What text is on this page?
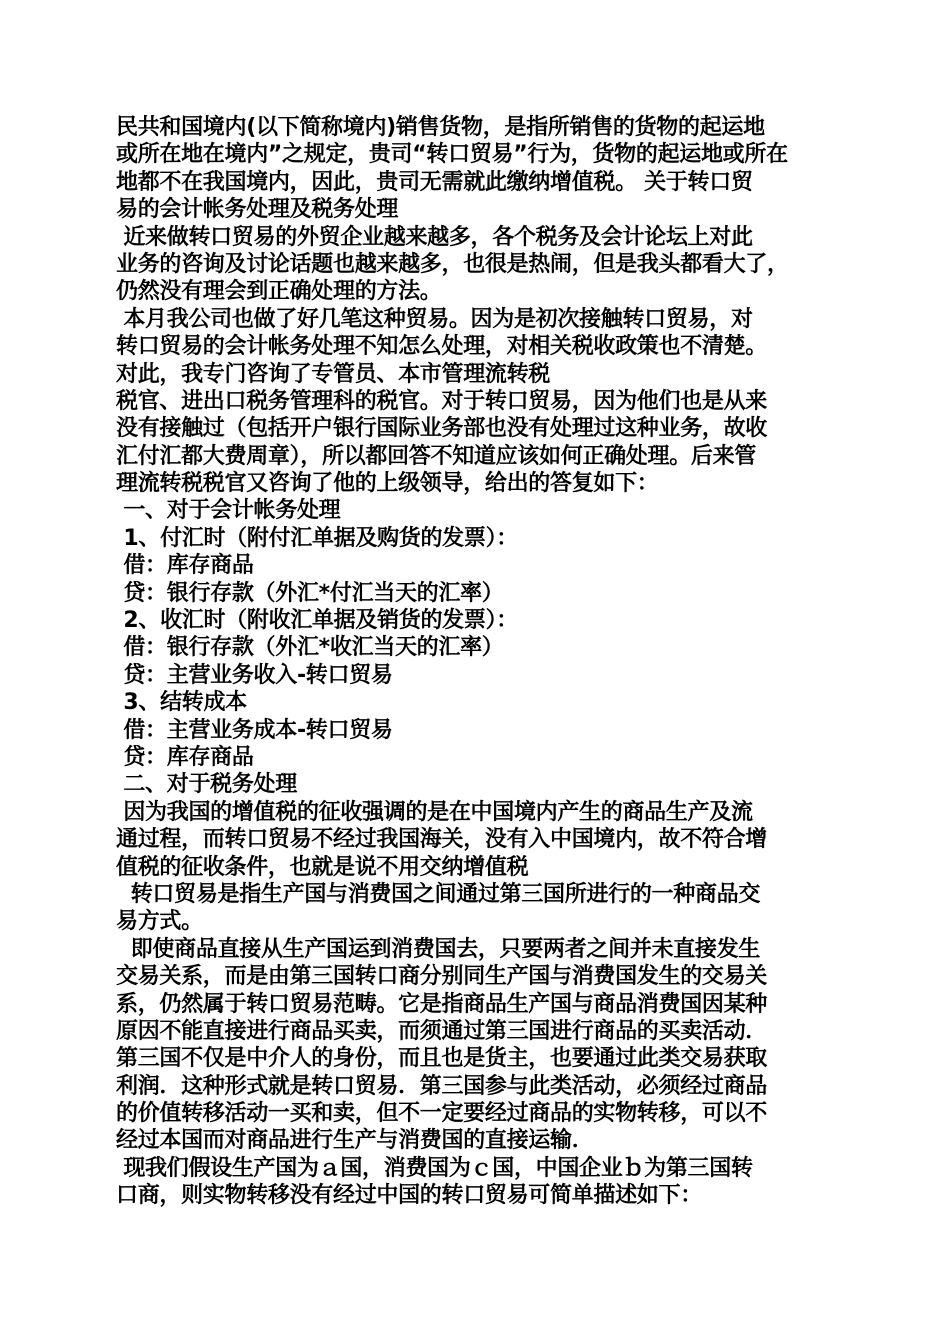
民共和国境内(以下简称境内)销售货物，是指所销售的货物的起运地
或所在地在境内”之规定，贵司“转口贸易”行为，货物的起运地或所在
地都不在我国境内，因此，贵司无需就此缴纳增值税。 关于转口贸
易的会计帐务处理及税务处理
近来做转口贸易的外贸企业越来越多，各个税务及会计论坛上对此
业务的咨询及讨论话题也越来越多，也很是热闹，但是我头都看大了，
仍然没有理会到正确处理的方法。
本月我公司也做了好几笔这种贸易。因为是初次接触转口贸易，对
转口贸易的会计帐务处理不知怎么处理，对相关税收政策也不清楚。
对此，我专门咨询了专管员、本市管理流转税
税官、进出口税务管理科的税官。对于转口贸易，因为他们也是从来
没有接触过（包括开户银行国际业务部也没有处理过这种业务，故收
汇付汇都大费周章），所以都回答不知道应该如何正确处理。后来管
理流转税税官又咨询了他的上级领导，给出的答复如下：
一、对于会计帐务处理
1、付汇时（附付汇单据及购货的发票）：
借：库存商品
贷：银行存款（外汇*付汇当天的汇率）
2、收汇时（附收汇单据及销货的发票）：
借：银行存款（外汇*收汇当天的汇率）
贷：主营业务收入-转口贸易
3、结转成本
借：主营业务成本-转口贸易
贷：库存商品
二、对于税务处理
因为我国的增值税的征收强调的是在中国境内产生的商品生产及流
通过程，而转口贸易不经过我国海关，没有入中国境内，故不符合增
值税的征收条件，也就是说不用交纳增值税
转口贸易是指生产国与消费国之间通过第三国所进行的一种商品交
易方式。
即使商品直接从生产国运到消费国去，只要两者之间并未直接发生
交易关系，而是由第三国转口商分别同生产国与消费国发生的交易关
系，仍然属于转口贸易范畴。它是指商品生产国与商品消费国因某种
原因不能直接进行商品买卖，而须通过第三国进行商品的买卖活动．
第三国不仅是中介人的身份，而且也是货主，也要通过此类交易获取
利润．这种形式就是转口贸易．第三国参与此类活动，必须经过商品
的价值转移活动一买和卖，但不一定要经过商品的实物转移，可以不
经过本国而对商品进行生产与消费国的直接运输．
现我们假设生产国为ａ国，消费国为ｃ国，中国企业ｂ为第三国转
口商，则实物转移没有经过中国的转口贸易可简单描述如下：
